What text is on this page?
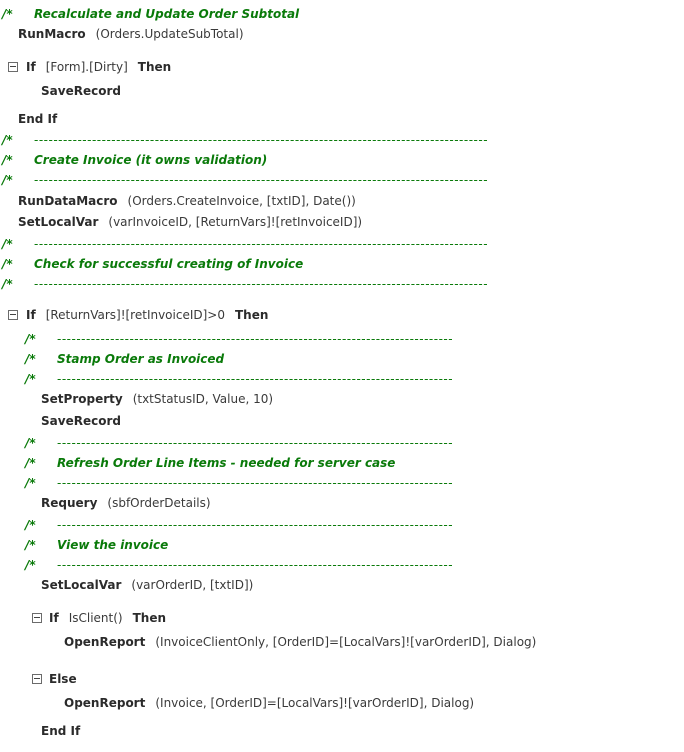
/* Recalculate and Update Order Subtotal
RunMacro (Orders.UpdateSubTotal)
If [Form].[Dirty] Then
SaveRecord
End If
/* ----------------------------------------------------------------------------------------------
/* Create Invoice (it owns validation)
/* ----------------------------------------------------------------------------------------------
RunDataMacro (Orders.CreateInvoice, [txtID], Date())
SetLocalVar (varInvoiceID, [ReturnVars]![retInvoiceID])
/* ----------------------------------------------------------------------------------------------
/* Check for successful creating of Invoice
/* ----------------------------------------------------------------------------------------------
If [ReturnVars]![retInvoiceID]>0 Then
/* ----------------------------------------------------------------------------------
/* Stamp Order as Invoiced
/* ----------------------------------------------------------------------------------
SetProperty (txtStatusID, Value, 10)
SaveRecord
/* ----------------------------------------------------------------------------------
/* Refresh Order Line Items - needed for server case
/* ----------------------------------------------------------------------------------
Requery (sbfOrderDetails)
/* ----------------------------------------------------------------------------------
/* View the invoice
/* ----------------------------------------------------------------------------------
SetLocalVar (varOrderID, [txtID])
If IsClient() Then
OpenReport (InvoiceClientOnly, [OrderID]=[LocalVars]![varOrderID], Dialog)
Else
OpenReport (Invoice, [OrderID]=[LocalVars]![varOrderID], Dialog)
End If
